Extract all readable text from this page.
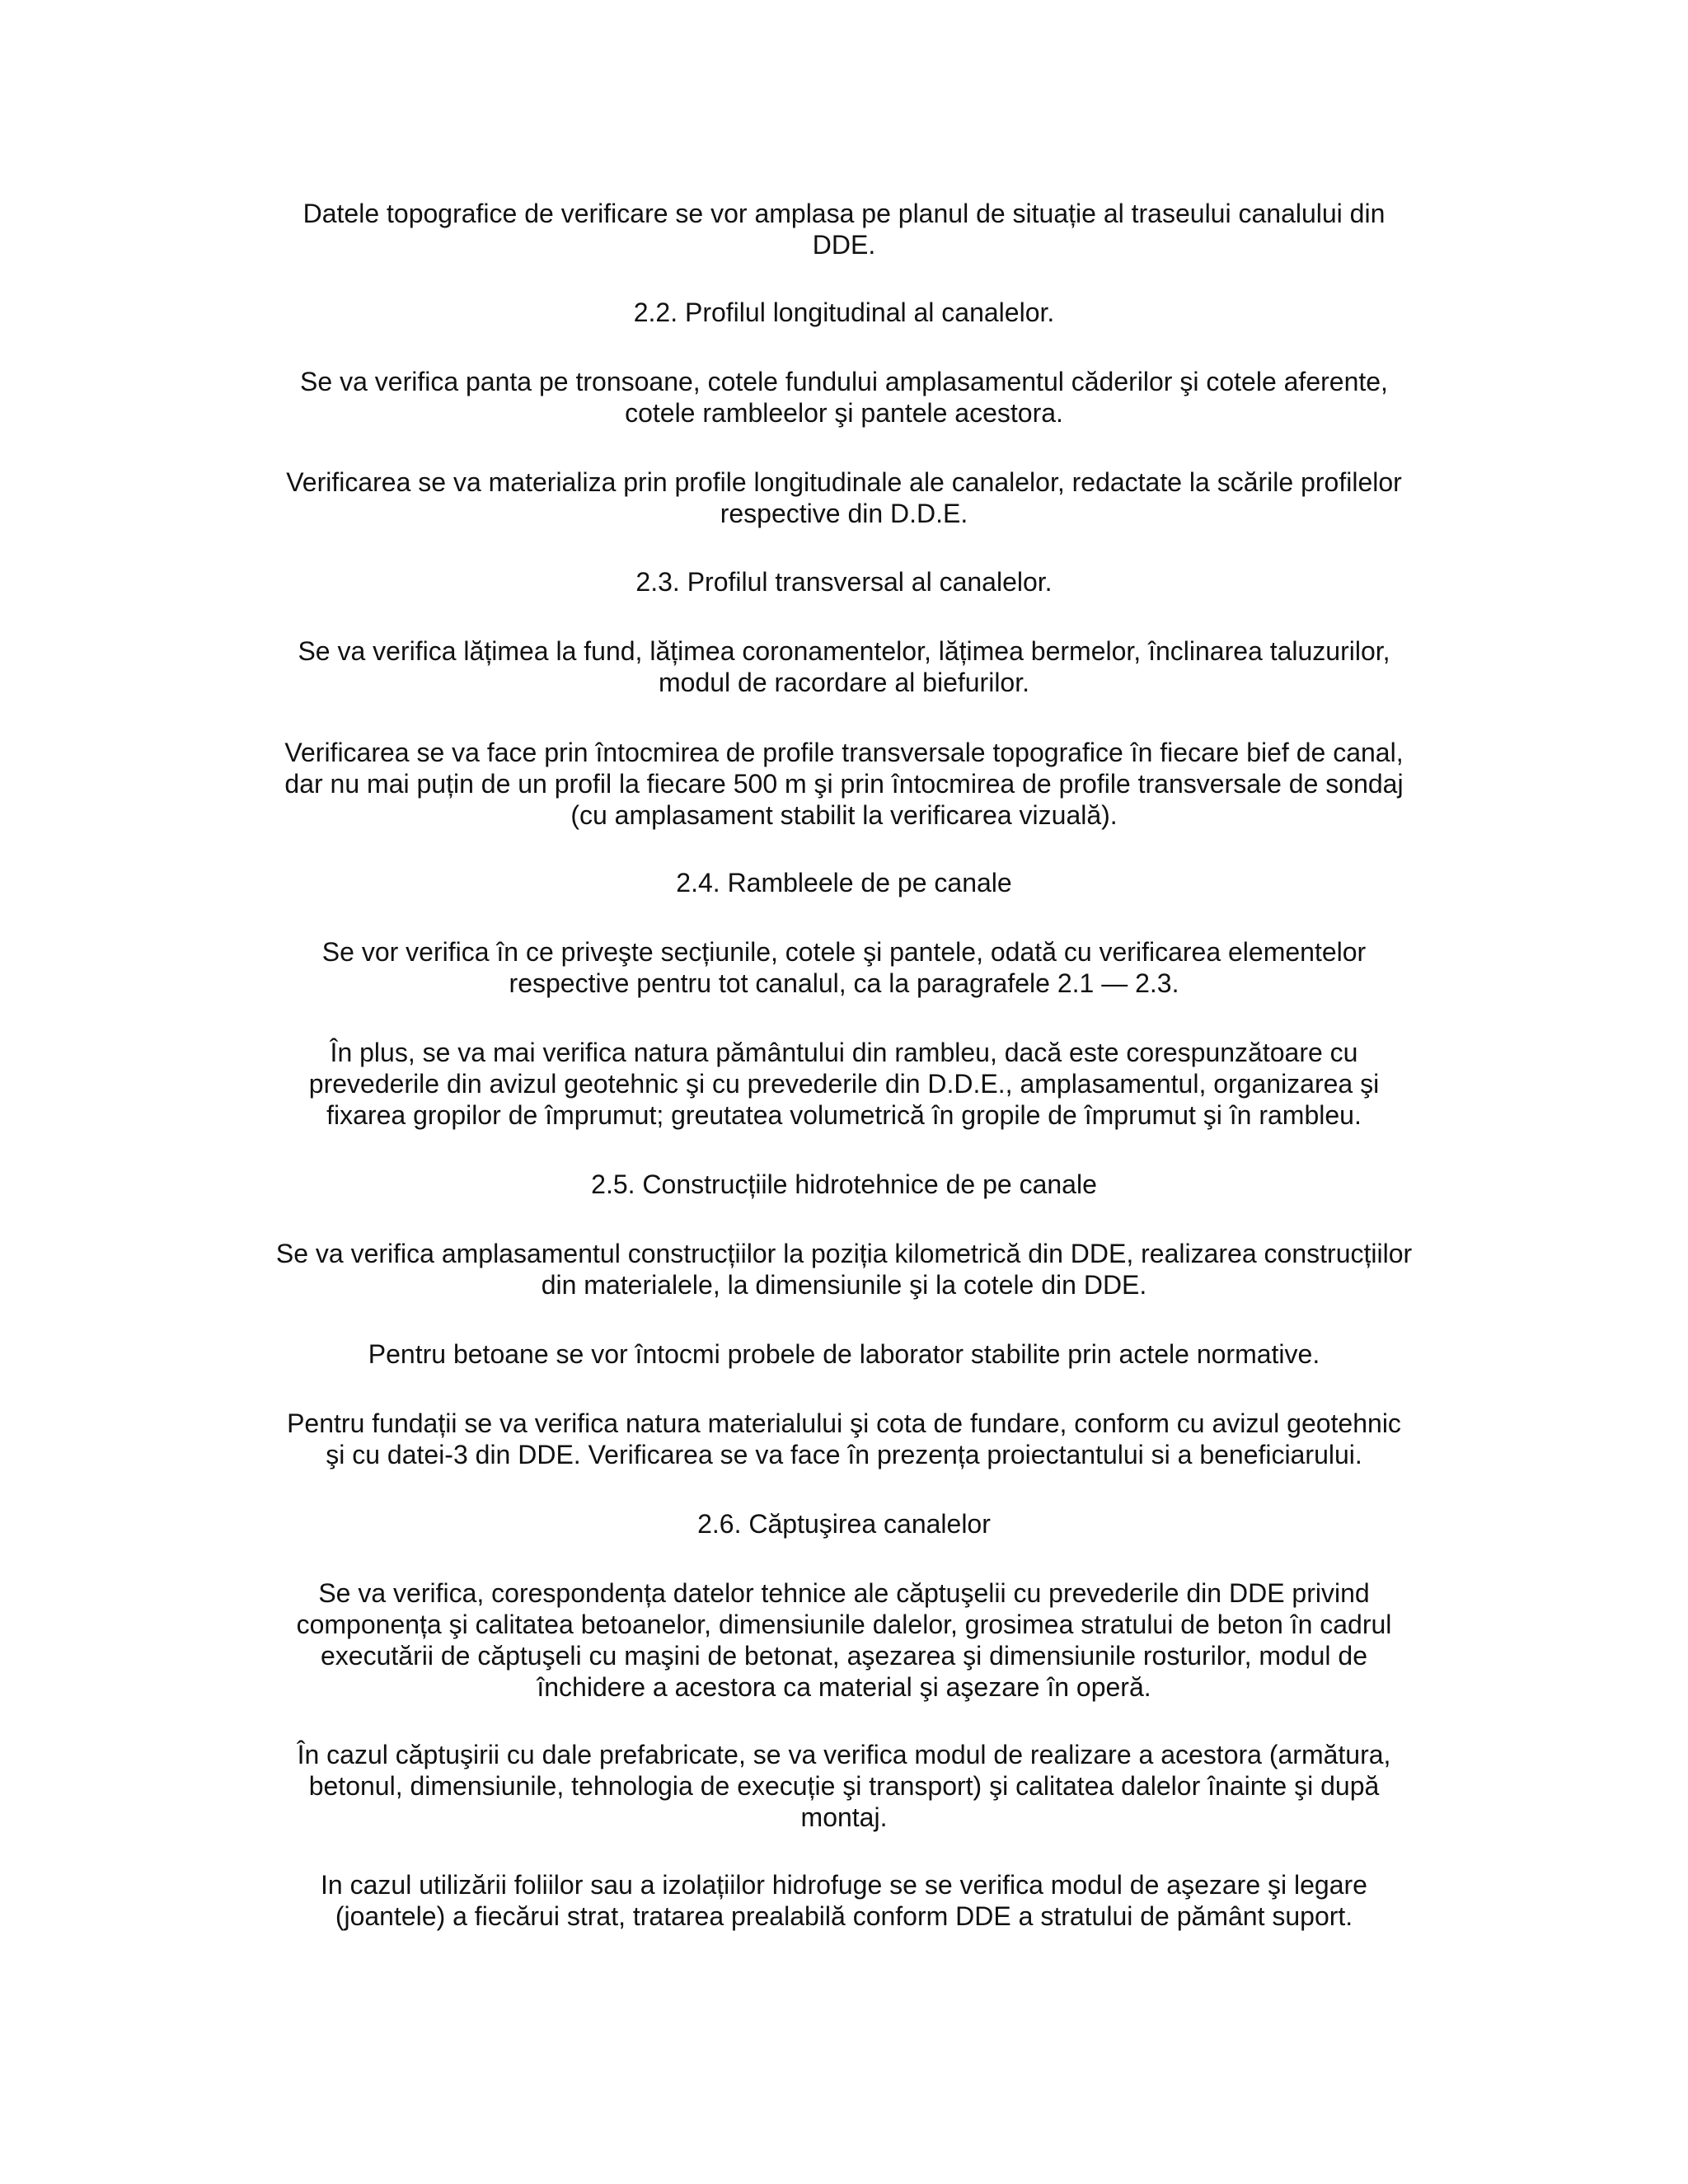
Datele topografice de verificare se vor amplasa pe planul de situație al traseului canalului din
DDE.
2.2. Profilul longitudinal al canalelor.
Se va verifica panta pe tronsoane, cotele fundului amplasamentul căderilor şi cotele aferente,
cotele rambleelor şi pantele acestora.
Verificarea se va materializa prin profile longitudinale ale canalelor, redactate la scările profilelor
respective din D.D.E.
2.3. Profilul transversal al canalelor.
Se va verifica lățimea la fund, lățimea coronamentelor, lățimea bermelor, înclinarea taluzurilor,
modul de racordare al biefurilor.
Verificarea se va face prin întocmirea de profile transversale topografice în fiecare bief de canal,
dar nu mai puțin de un profil la fiecare 500 m şi prin întocmirea de profile transversale de sondaj
(cu amplasament stabilit la verificarea vizuală).
2.4. Rambleele de pe canale
Se vor verifica în ce priveşte secțiunile, cotele şi pantele, odată cu verificarea elementelor
respective pentru tot canalul, ca la paragrafele 2.1 — 2.3.
În plus, se va mai verifica natura pământului din rambleu, dacă este corespunzătoare cu
prevederile din avizul geotehnic şi cu prevederile din D.D.E., amplasamentul, organizarea şi
fixarea gropilor de împrumut; greutatea volumetrică în gropile de împrumut şi în rambleu.
2.5. Construcțiile hidrotehnice de pe canale
Se va verifica amplasamentul construcțiilor la poziția kilometrică din DDE, realizarea construcțiilor
din materialele, la dimensiunile şi la cotele din DDE.
Pentru betoane se vor întocmi probele de laborator stabilite prin actele normative.
Pentru fundații se va verifica natura materialului şi cota de fundare, conform cu avizul geotehnic
şi cu datei-3 din DDE. Verificarea se va face în prezența proiectantului si a beneficiarului.
2.6. Căptuşirea canalelor
Se va verifica, corespondența datelor tehnice ale căptuşelii cu prevederile din DDE privind
componența şi calitatea betoanelor, dimensiunile dalelor, grosimea stratului de beton în cadrul
executării de căptuşeli cu maşini de betonat, aşezarea şi dimensiunile rosturilor, modul de
închidere a acestora ca material şi aşezare în operă.
În cazul căptuşirii cu dale prefabricate, se va verifica modul de realizare a acestora (armătura,
betonul, dimensiunile, tehnologia de execuție şi transport) şi calitatea dalelor înainte şi după
montaj.
In cazul utilizării foliilor sau a izolațiilor hidrofuge se se verifica modul de aşezare şi legare
(joantele) a fiecărui strat, tratarea prealabilă conform DDE a stratului de pământ suport.
